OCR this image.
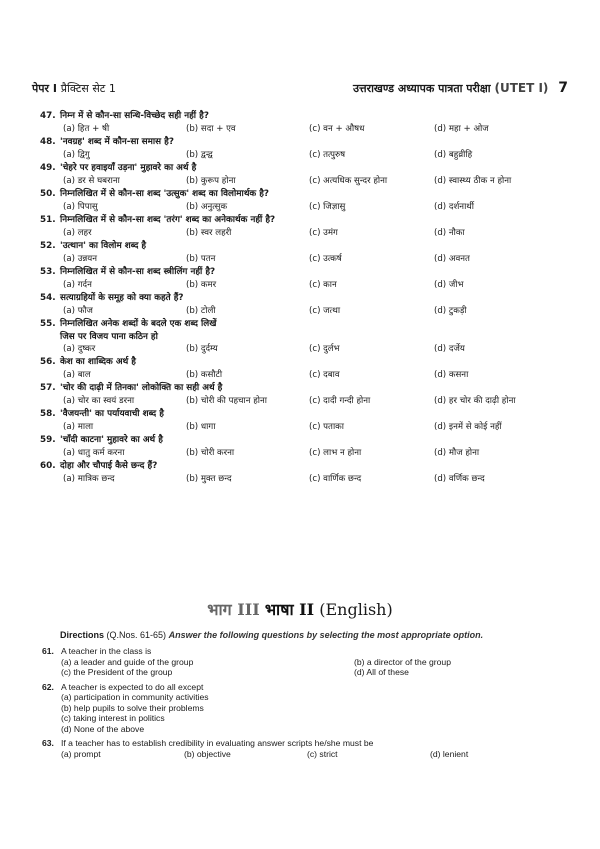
पेपर I प्रैक्टिस सेट 1	उत्तराखण्ड अध्यापक पात्रता परीक्षा (UTET I) 7
47. निम्न में से कौन-सा सन्धि-विच्छेद सही नहीं है?
(a) हित + षी	(b) सदा + एव	(c) वन + औषध	(d) महा + ओज
48. 'नवग्रह' शब्द में कौन-सा समास है?
(a) द्विगु	(b) द्वन्द्व	(c) तत्पुरुष	(d) बहुव्रीहि
49. 'चेहरे पर हवाइयाँ उड़ना' मुहावरे का अर्थ है
(a) डर से घबराना	(b) कुरूप होना	(c) अत्यधिक सुन्दर होना	(d) स्वास्थ्य ठीक न होना
50. निम्नलिखित में से कौन-सा शब्द 'उत्सुक' शब्द का विलोमार्थक है?
(a) पिपासु	(b) अनुत्सुक	(c) जिज्ञासु	(d) दर्शनार्थी
51. निम्नलिखित में से कौन-सा शब्द 'तरंग' शब्द का अनेकार्थक नहीं है?
(a) लहर	(b) स्वर लहरी	(c) उमंग	(d) नौका
52. 'उत्थान' का विलोम शब्द है
(a) उन्नयन	(b) पतन	(c) उत्कर्ष	(d) अवनत
53. निम्नलिखित में से कौन-सा शब्द स्त्रीलिंग नहीं है?
(a) गर्दन	(b) कमर	(c) कान	(d) जीभ
54. सत्याग्रहियों के समूह को क्या कहते हैं?
(a) फौज	(b) टोली	(c) जत्था	(d) टुकड़ी
55. निम्नलिखित अनेक शब्दों के बदले एक शब्द लिखें
जिस पर विजय पाना कठिन हो
(a) दुष्कर	(b) दुर्दम्य	(c) दुर्लभ	(d) दर्जेय
56. केश का शाब्दिक अर्थ है
(a) बाल	(b) कसौटी	(c) दबाव	(d) कसना
57. 'चोर की दाढ़ी में तिनका' लोकोक्ति का सही अर्थ है
(a) चोर का स्वयं डरना	(b) चोरी की पहचान होना	(c) दादी गन्दी होना	(d) हर चोर की दाढ़ी होना
58. 'वैजयन्ती' का पर्यायवाची शब्द है
(a) माला	(b) धागा	(c) पताका	(d) इनमें से कोई नहीं
59. 'चाँदी काटना' मुहावरे का अर्थ है
(a) धातु कर्म करना	(b) चोरी करना	(c) लाभ न होना	(d) मौज होना
60. दोहा और चौपाई कैसे छन्द हैं?
(a) मात्रिक छन्द	(b) मुक्त छन्द	(c) वार्णिक छन्द	(d) वर्णिक छन्द
भाग III भाषा II (English)
Directions (Q.Nos. 61-65) Answer the following questions by selecting the most appropriate option.
61. A teacher in the class is
(a) a leader and guide of the group	(b) a director of the group
(c) the President of the group	(d) All of these
62. A teacher is expected to do all except
(a) participation in community activities
(b) help pupils to solve their problems
(c) taking interest in politics
(d) None of the above
63. If a teacher has to establish credibility in evaluating answer scripts he/she must be
(a) prompt	(b) objective	(c) strict	(d) lenient
